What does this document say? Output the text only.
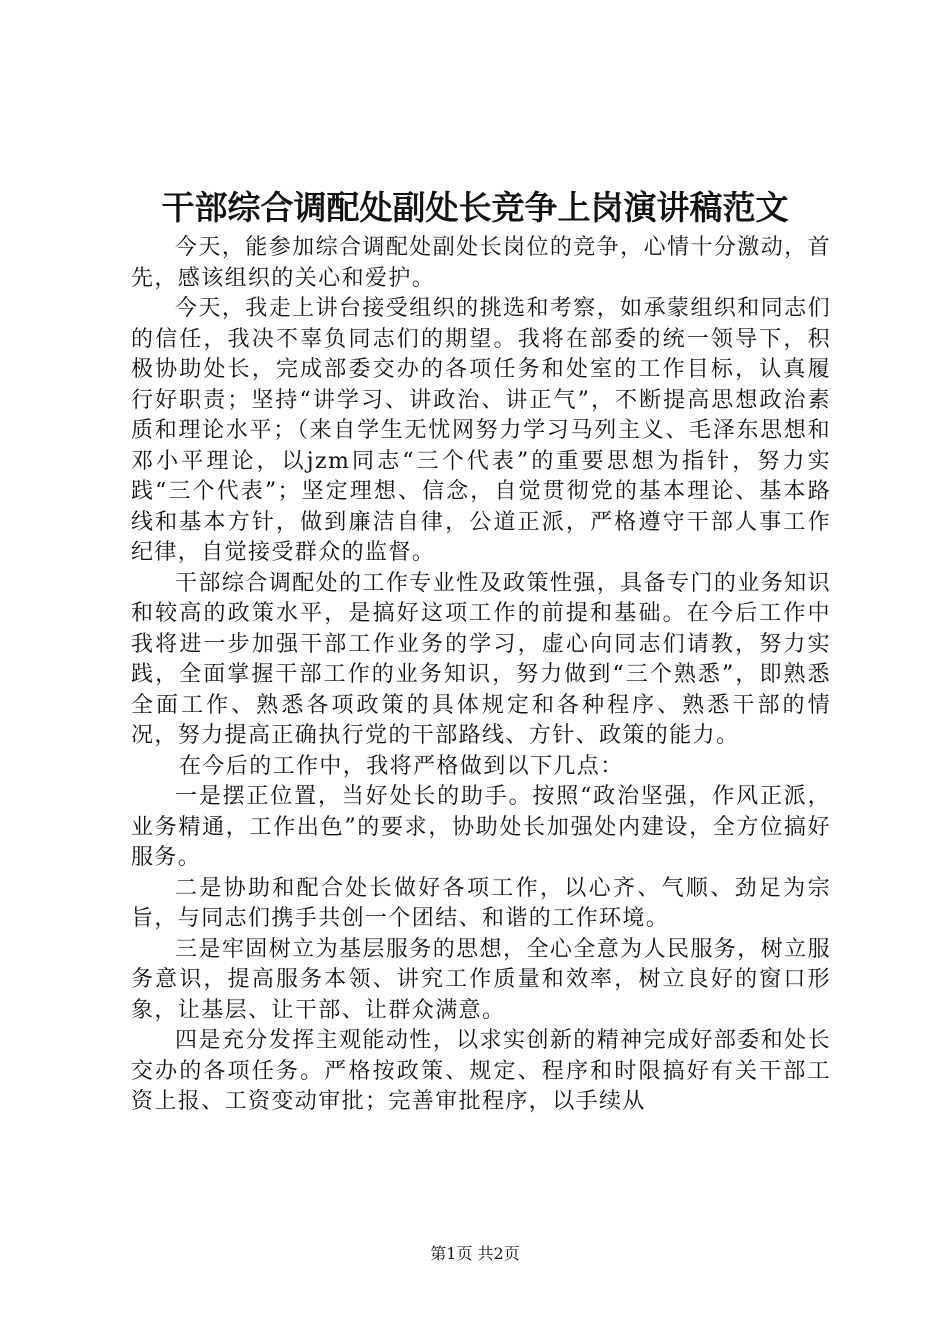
干部综合调配处副处长竞争上岗演讲稿范文

今天，能参加综合调配处副处长岗位的竞争，心情十分激动，首先，感该组织的关心和爱护。

今天，我走上讲台接受组织的挑选和考察，如承蒙组织和同志们的信任，我决不辜负同志们的期望。我将在部委的统一领导下，积极协助处长，完成部委交办的各项任务和处室的工作目标，认真履行好职责；坚持“讲学习、讲政治、讲正气”，不断提高思想政治素质和理论水平；（来自学生无忧网努力学习马列主义、毛泽东思想和邓小平理论，以jzm同志“三个代表”的重要思想为指针，努力实践“三个代表”；坚定理想、信念，自觉贯彻党的基本理论、基本路线和基本方针，做到廉洁自律，公道正派，严格遵守干部人事工作纪律，自觉接受群众的监督。

干部综合调配处的工作专业性及政策性强，具备专门的业务知识和较高的政策水平，是搞好这项工作的前提和基础。在今后工作中我将进一步加强干部工作业务的学习，虚心向同志们请教，努力实践，全面掌握干部工作的业务知识，努力做到“三个熟悉”，即熟悉全面工作、熟悉各项政策的具体规定和各种程序、熟悉干部的情况，努力提高正确执行党的干部路线、方针、政策的能力。

在今后的工作中，我将严格做到以下几点：

一是摆正位置，当好处长的助手。按照“政治坚强，作风正派，业务精通，工作出色”的要求，协助处长加强处内建设，全方位搞好服务。

二是协助和配合处长做好各项工作，以心齐、气顺、劲足为宗旨，与同志们携手共创一个团结、和谐的工作环境。

三是牢固树立为基层服务的思想，全心全意为人民服务，树立服务意识，提高服务本领、讲究工作质量和效率，树立良好的窗口形象，让基层、让干部、让群众满意。

四是充分发挥主观能动性，以求实创新的精神完成好部委和处长交办的各项任务。严格按政策、规定、程序和时限搞好有关干部工资上报、工资变动审批；完善审批程序，以手续从

第1页 共2页
